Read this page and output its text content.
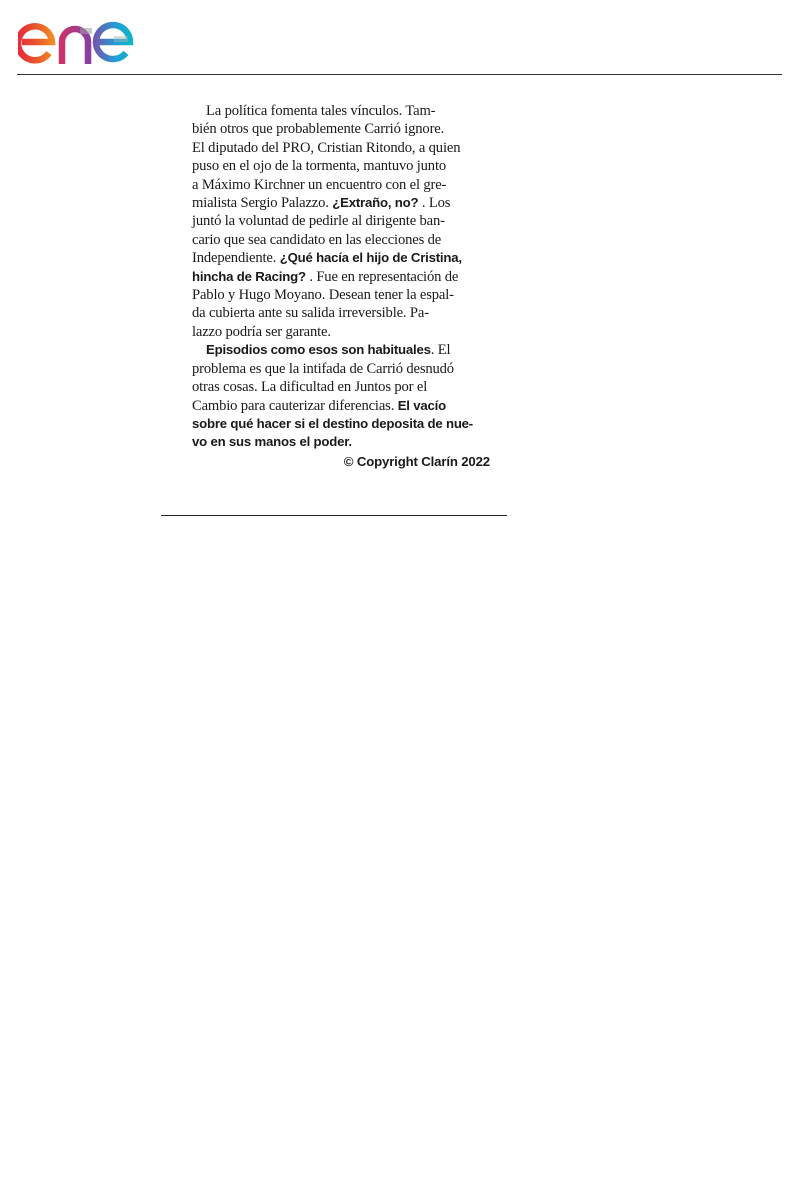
La política fomenta tales vínculos. Tam-
bién otros que probablemente Carrió ignore.
El diputado del PRO, Cristian Ritondo, a quien
puso en el ojo de la tormenta, mantuvo junto
a Máximo Kirchner un encuentro con el gre-
mialista Sergio Palazzo. ¿Extraño, no? . Los
juntó la voluntad de pedirle al dirigente ban-
cario que sea candidato en las elecciones de
Independiente. ¿Qué hacía el hijo de Cristina,
hincha de Racing? . Fue en representación de
Pablo y Hugo Moyano. Desean tener la espal-
da cubierta ante su salida irreversible. Pa-
lazzo podría ser garante.

Episodios como esos son habituales. El
problema es que la intifada de Carrió desnudó
otras cosas. La dificultad en Juntos por el
Cambio para cauterizar diferencias. El vacío
sobre qué hacer si el destino deposita de nue-
vo en sus manos el poder.

© Copyright Clarín 2022
